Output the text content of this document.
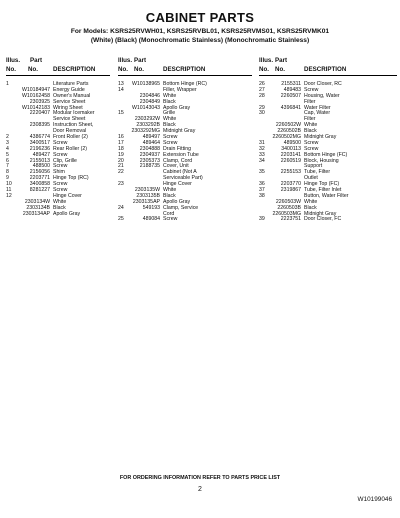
CABINET PARTS
For Models: KSRS25RVWH01, KSRS25RVBL01, KSRS25RVMS01, KSRS25RVMK01
(White) (Black) (Monochromatic Stainless) (Monochromatic Stainless)
Illus. Part
No. No. DESCRIPTION
1	Literature Parts
W10184947 Energy Guide
W10162458 Owner's Manual
2303925 Service Sheet
W10142183 Wiring Sheet
2220407 Modular Icemaker
Service Sheet
2308395 Instruction Sheet,
Door Removal
2	4386774 Front Roller (2)
3	3400517 Screw
4	2196236 Rear Roller (2)
5	489427 Screw
6	2155013 Clip, Grille
7	488500 Screw
8	2156056 Shim
9	2203771 Hinge Top (RC)
10	3400858 Screw
11	8281227 Screw
12	Hinge Cover
2303134W White
2303134B Black
2303134AP Apollo Gray
Illus. Part
No. No.	DESCRIPTION
13	W10138965 Bottom Hinge (RC)
14	Filler, Wrapper
2304846 White
2304849 Black
W10143043 Apollo Gray
15	Grille
2303292W White
2303292B Black
2303292MG Midnight Gray
16	489497 Screw
17	489464 Screw
18	2304888 Drain Fitting
19	2304937 Extension Tube
20	2305373 Clamp, Cord
21	2188735 Cover, Unit
22	Cabinet (Not A
Serviceable Part)
23	Hinge Cover
2303135W White
2303135B Black
2303135AP Apollo Gray
24	549193 Clamp, Service
Cord
25	489084 Screw
Illus. Part
No. No.	DESCRIPTION
26	2155311 Door Closer, RC
27	489483 Screw
28	2260507 Housing, Water
Filter
29	4396841 Water Filter
30	Cap, Water
Filter
2260502W White
2260502B Black
2260502MG Midnight Gray
31	489500 Screw
32	3400113 Screw
33	2203141 Bottom Hinge (FC)
34	2260519 Block, Housing
Support
35	2255153 Tube, Filter
Outlet
36	2203770 Hinge Top (FC)
37	2319867 Tube, Filter Inlet
38	Button, Water Filter
2260503W White
2260503B Black
2260503MG Midnight Gray
39	2223751 Door Closer, FC
FOR ORDERING INFORMATION REFER TO PARTS PRICE LIST
2
W10199046
